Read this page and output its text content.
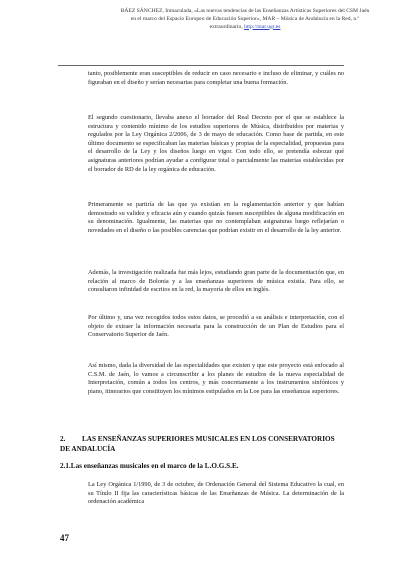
BÁEZ SÁNCHEZ, Inmaculada, «Las nuevas tendencias de las Enseñanzas Artísticas Superiores del CSM Jaén en el marco del Espacio Europeo de Educación Superior», MAR – Música de Andalucía en la Red, n.º extraordinario, http://mar.ugr.es

tanto, posiblemente eran susceptibles de reducir en caso necesario e incluso de eliminar, y cuáles no figuraban en el diseño y serían necesarias para completar una buena formación.

El segundo cuestionario, llevaba anexo el borrador del Real Decreto por el que se establece la estructura y contenido mínimo de los estudios superiores de Música, distribuidos por materias y regulados por la Ley Orgánica 2/2006, de 3 de mayo de educación. Como base de partida, en este último documento se especificaban las materias básicas y propias de la especialidad, propuestas para el desarrollo de la Ley y los diseños luego en vigor. Con todo ello, se pretendía esbozar qué asignaturas anteriores podrían ayudar a configurar total o parcialmente las materias establecidas por el borrador de RD de la ley orgánica de educación.

Primeramente se partiría de las que ya existían en la reglamentación anterior y que habían demostrado su validez y eficacia aún y cuando quizás fuesen susceptibles de alguna modificación en su denominación. Igualmente, las materias que no contemplaban asignaturas luego reflejarían o novedades en el diseño o las posibles carencias que podrían existir en el desarrollo de la ley anterior.

Además, la investigación realizada fue más lejos, estudiando gran parte de la documentación que, en relación al marco de Bolonia y a las enseñanzas superiores de música existía. Para ello, se consultaron infinidad de escritos en la red, la mayoría de ellos en inglés.

Por último y, una vez recogidos todos estos datos, se procedió a su análisis e interpretación, con el objeto de extraer la información necesaria para la construcción de un Plan de Estudios para el Conservatorio Superior de Jaén.

Así mismo, dada la diversidad de las especialidades que existen y que este proyecto está enfocado al C.S.M. de Jaén, lo vamos a circunscribir a los planes de estudios de la nueva especialidad de Interpretación, común a todos los centros, y más concretamente a los instrumentos sinfónicos y piano, itinerarios que constituyen los mínimos estipulados en la Loe para las enseñanzas superiores.

2. LAS ENSEÑANZAS SUPERIORES MUSICALES EN LOS CONSERVATORIOS DE ANDALUCÍA
2.1.Las enseñanzas musicales en el marco de la L.O.G.S.E.

La Ley Orgánica 1/1990, de 3 de octubre, de Ordenación General del Sistema Educativo la cual, en su Título II fija las características básicas de las Enseñanzas de Música. La determinación de la ordenación académica

47
